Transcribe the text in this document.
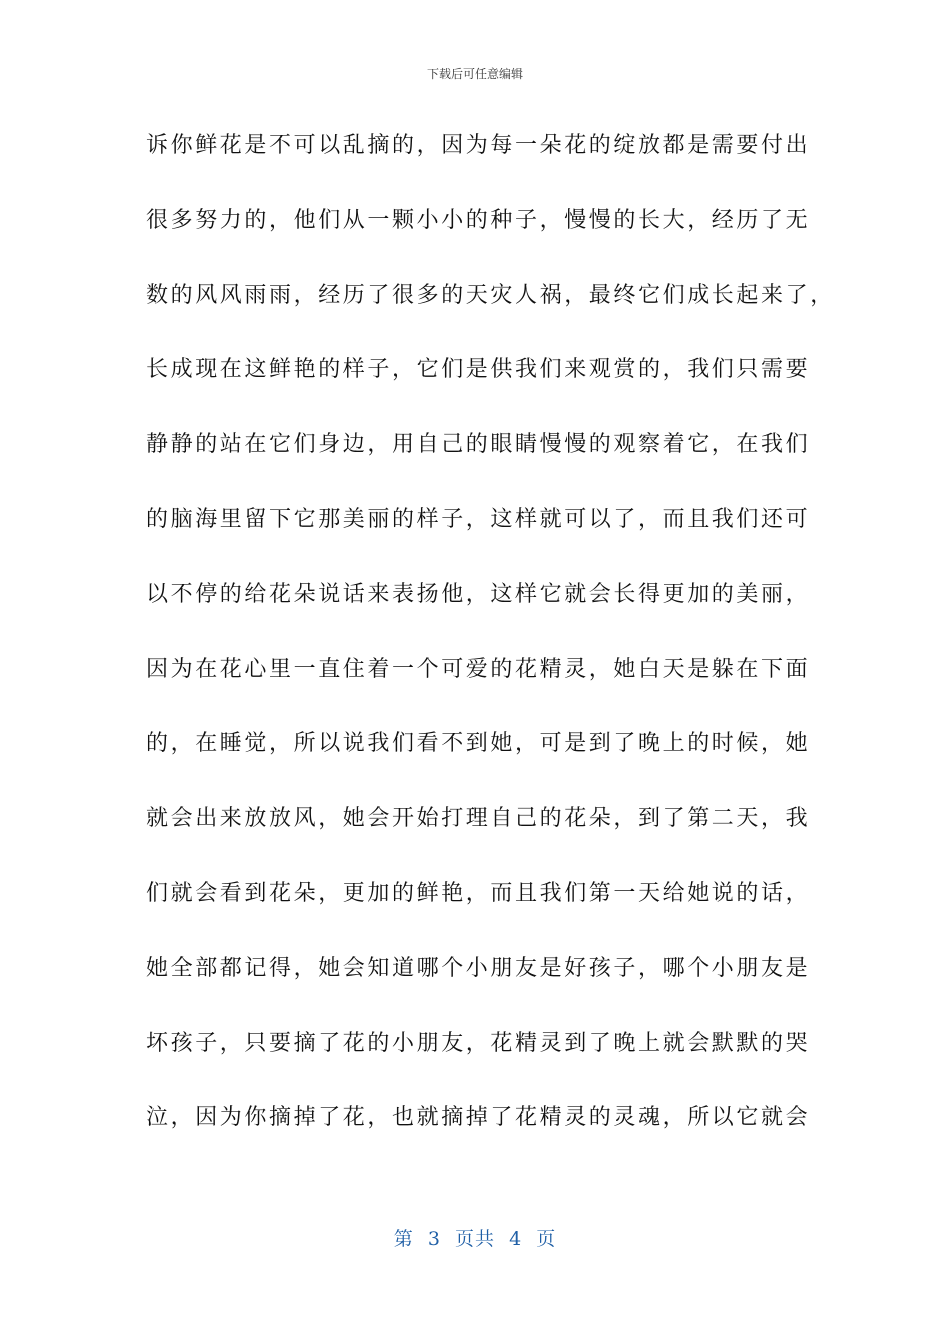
下载后可任意编辑
诉你鲜花是不可以乱摘的，因为每一朵花的绽放都是需要付出
很多努力的，他们从一颗小小的种子，慢慢的长大，经历了无
数的风风雨雨，经历了很多的天灾人祸，最终它们成长起来了，
长成现在这鲜艳的样子，它们是供我们来观赏的，我们只需要
静静的站在它们身边，用自己的眼睛慢慢的观察着它，在我们
的脑海里留下它那美丽的样子，这样就可以了，而且我们还可
以不停的给花朵说话来表扬他，这样它就会长得更加的美丽，
因为在花心里一直住着一个可爱的花精灵，她白天是躲在下面
的，在睡觉，所以说我们看不到她，可是到了晚上的时候，她
就会出来放放风，她会开始打理自己的花朵，到了第二天，我
们就会看到花朵，更加的鲜艳，而且我们第一天给她说的话，
她全部都记得，她会知道哪个小朋友是好孩子，哪个小朋友是
坏孩子，只要摘了花的小朋友，花精灵到了晚上就会默默的哭
泣，因为你摘掉了花，也就摘掉了花精灵的灵魂，所以它就会
第  3  页共  4  页
